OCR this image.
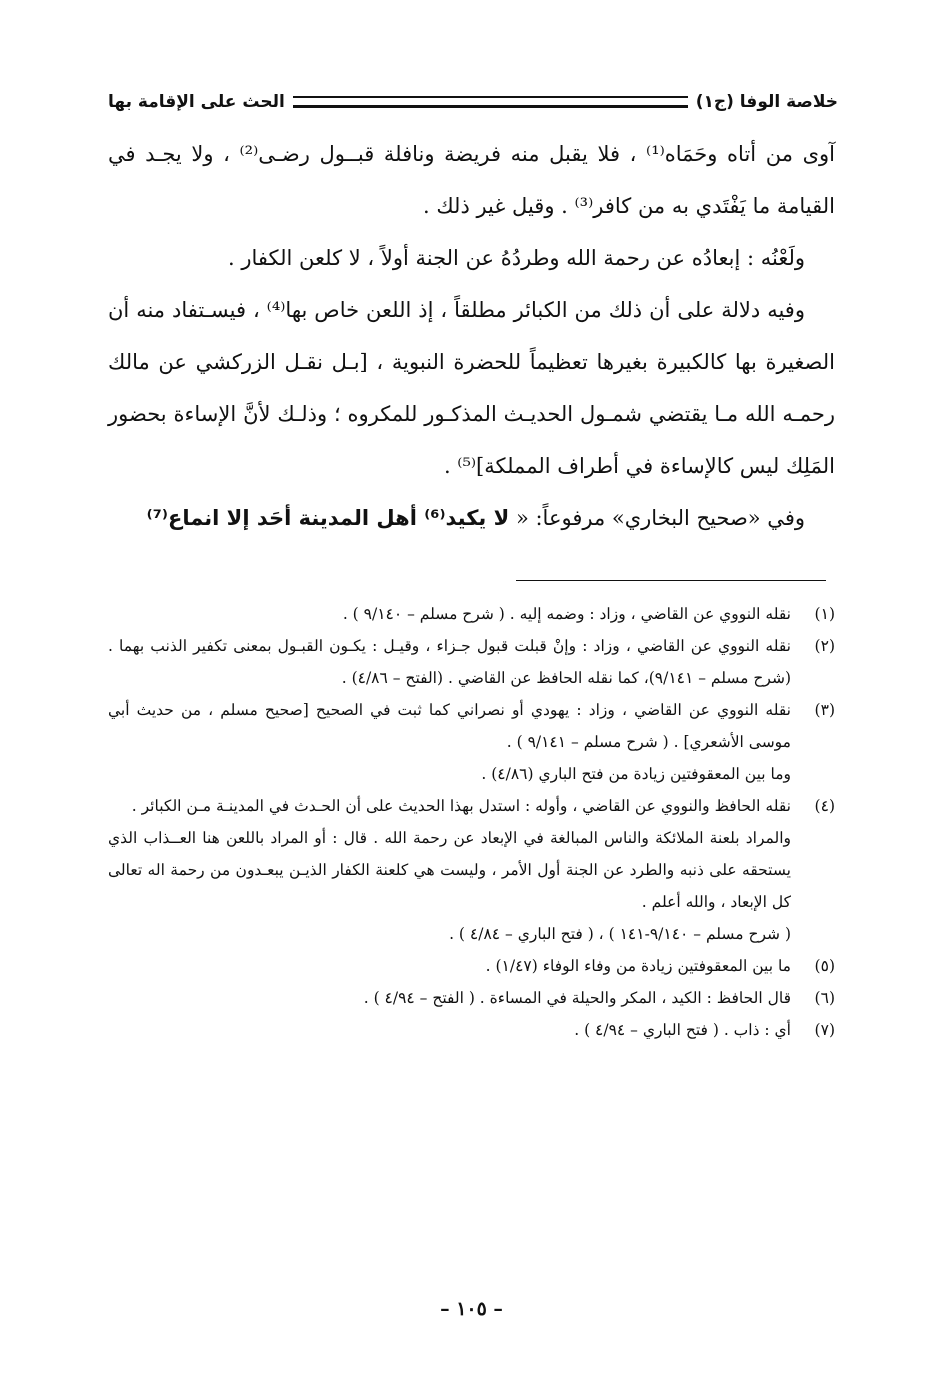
خلاصة الوفا (ج١)
الحث على الإقامة بها

آوى من أتاه وحَمَاه⁽¹⁾ ، فلا يقبل منه فريضة ونافلة قبــول رضـى⁽²⁾ ، ولا يجـد في القيامة ما يَفْتَدي به من كافر⁽³⁾ . وقيل غير ذلك .

ولَعْنُه : إبعادُه عن رحمة الله وطردُهُ عن الجنة أولاً ، لا كلعن الكفار .

وفيه دلالة على أن ذلك من الكبائر مطلقاً ، إذ اللعن خاص بها⁽⁴⁾ ، فيسـتفاد منه أن الصغيرة بها كالكبيرة بغيرها تعظيماً للحضرة النبوية ، [بـل نقـل الزركشي عن مالك رحمـه الله مـا يقتضي شمـول الحديـث المذكـور للمكروه ؛ وذلـك لأنَّ الإساءة بحضور المَلِك ليس كالإساءة في أطراف المملكة]⁽⁵⁾ .

وفي «صحيح البخاري» مرفوعاً: « لا يكيد⁽⁶⁾ أهل المدينة أحَد إلا انماع⁽⁷⁾

(١)

نقله النووي عن القاضي ، وزاد : وضمه إليه . ( شرح مسلم – ٩/١٤٠ ) .

(٢)

نقله النووي عن القاضي ، وزاد : وإنْ قبلت قبول جـزاء ، وقيـل : يكـون القبـول بمعنى تكفير الذنب بهما . (شرح مسلم – ٩/١٤١)، كما نقله الحافظ عن القاضي . (الفتح – ٤/٨٦) .

(٣)

نقله النووي عن القاضي ، وزاد : يهودي أو نصراني كما ثبت في الصحيح [صحيح مسلم ، من حديث أبي موسى الأشعري] . ( شرح مسلم – ٩/١٤١ ) .

وما بين المعقوفتين زيادة من فتح الباري (٤/٨٦) .

(٤)

نقله الحافظ والنووي عن القاضي ، وأوله : استدل بهذا الحديث على أن الحـدث في المدينـة مـن الكبائر .

والمراد بلعنة الملائكة والناس المبالغة في الإبعاد عن رحمة الله . قال : أو المراد باللعن هنا العــذاب الذي يستحقه على ذنبه والطرد عن الجنة أول الأمر ، وليست هي كلعنة الكفار الذيـن يبعـدون من رحمة اله تعالى كل الإبعاد ، والله أعلم .

( شرح مسلم – ٩/١٤٠-١٤١ ) ، ( فتح الباري – ٤/٨٤ ) .

(٥)

ما بين المعقوفتين زيادة من وفاء الوفاء (١/٤٧) .

(٦)

قال الحافظ : الكيد ، المكر والحيلة في المساءة . ( الفتح – ٤/٩٤ ) .

(٧)

أي : ذاب . ( فتح الباري – ٤/٩٤ ) .

– ١٠٥ –
